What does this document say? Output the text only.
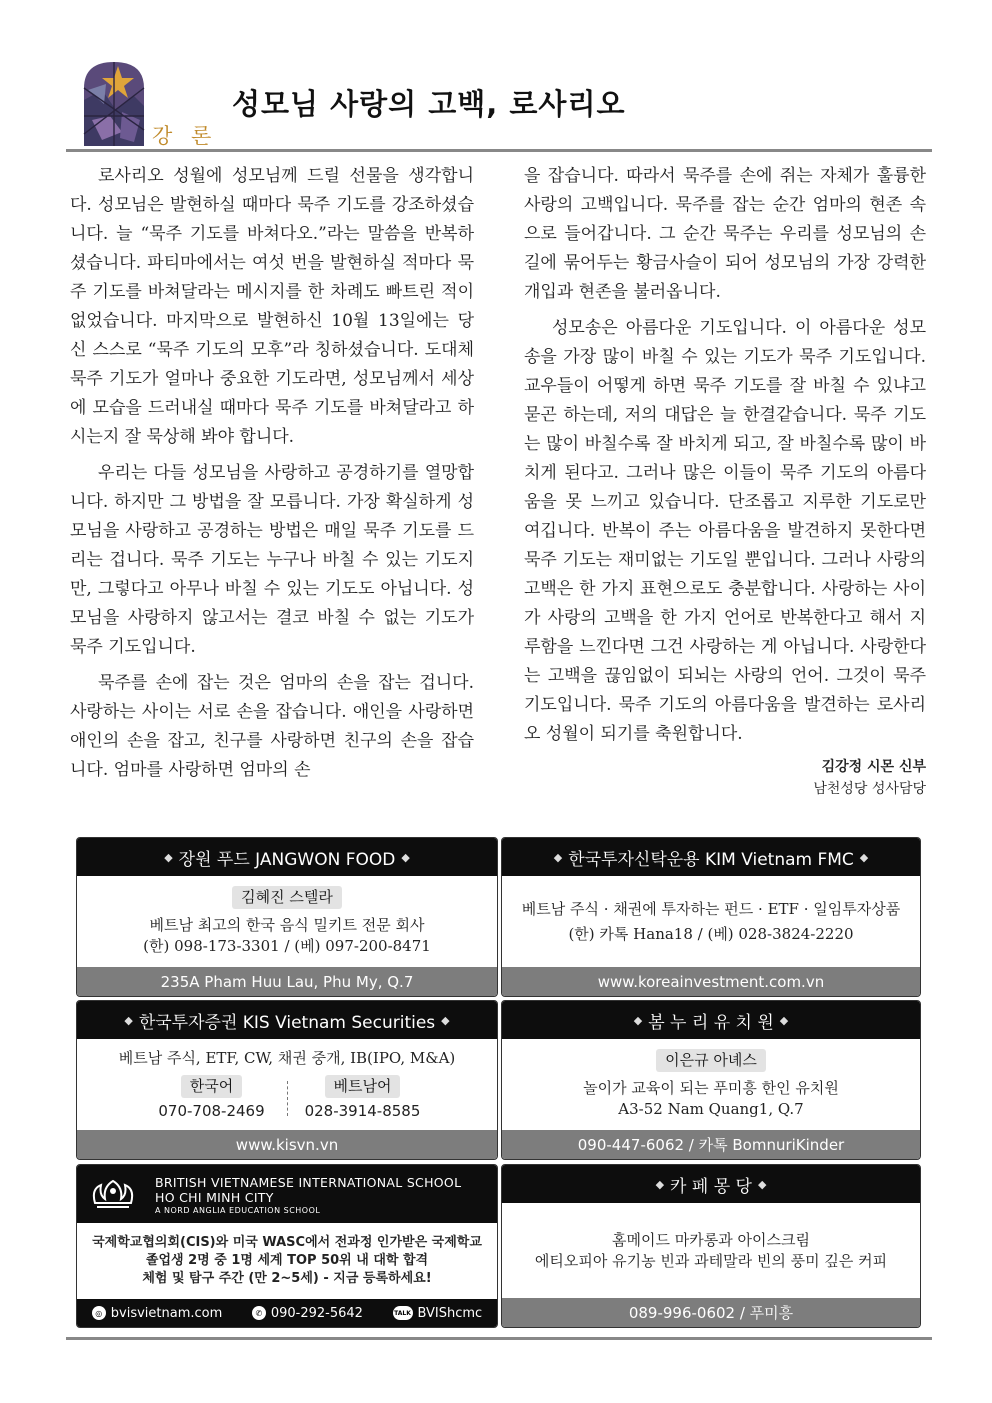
강 론
성모님 사랑의 고백, 로사리오

로사리오 성월에 성모님께 드릴 선물을 생각합니다. 성모님은 발현하실 때마다 묵주 기도를 강조하셨습니다. 늘 “묵주 기도를 바쳐다오.”라는 말씀을 반복하셨습니다. 파티마에서는 여섯 번을 발현하실 적마다 묵주 기도를 바쳐달라는 메시지를 한 차례도 빠트린 적이 없었습니다. 마지막으로 발현하신 10월 13일에는 당신 스스로 “묵주 기도의 모후”라 칭하셨습니다. 도대체 묵주 기도가 얼마나 중요한 기도라면, 성모님께서 세상에 모습을 드러내실 때마다 묵주 기도를 바쳐달라고 하시는지 잘 묵상해 봐야 합니다.

우리는 다들 성모님을 사랑하고 공경하기를 열망합니다. 하지만 그 방법을 잘 모릅니다. 가장 확실하게 성모님을 사랑하고 공경하는 방법은 매일 묵주 기도를 드리는 겁니다. 묵주 기도는 누구나 바칠 수 있는 기도지만, 그렇다고 아무나 바칠 수 있는 기도도 아닙니다. 성모님을 사랑하지 않고서는 결코 바칠 수 없는 기도가 묵주 기도입니다.

묵주를 손에 잡는 것은 엄마의 손을 잡는 겁니다. 사랑하는 사이는 서로 손을 잡습니다. 애인을 사랑하면 애인의 손을 잡고, 친구를 사랑하면 친구의 손을 잡습니다. 엄마를 사랑하면 엄마의 손

을 잡습니다. 따라서 묵주를 손에 쥐는 자체가 훌륭한 사랑의 고백입니다. 묵주를 잡는 순간 엄마의 현존 속으로 들어갑니다. 그 순간 묵주는 우리를 성모님의 손길에 묶어두는 황금사슬이 되어 성모님의 가장 강력한 개입과 현존을 불러옵니다.

성모송은 아름다운 기도입니다. 이 아름다운 성모송을 가장 많이 바칠 수 있는 기도가 묵주 기도입니다. 교우들이 어떻게 하면 묵주 기도를 잘 바칠 수 있냐고 묻곤 하는데, 저의 대답은 늘 한결같습니다. 묵주 기도는 많이 바칠수록 잘 바치게 되고, 잘 바칠수록 많이 바치게 된다고. 그러나 많은 이들이 묵주 기도의 아름다움을 못 느끼고 있습니다. 단조롭고 지루한 기도로만 여깁니다. 반복이 주는 아름다움을 발견하지 못한다면 묵주 기도는 재미없는 기도일 뿐입니다. 그러나 사랑의 고백은 한 가지 표현으로도 충분합니다. 사랑하는 사이가 사랑의 고백을 한 가지 언어로 반복한다고 해서 지루함을 느낀다면 그건 사랑하는 게 아닙니다. 사랑한다는 고백을 끊임없이 되뇌는 사랑의 언어. 그것이 묵주 기도입니다. 묵주 기도의 아름다움을 발견하는 로사리오 성월이 되기를 축원합니다.

김강정 시몬 신부
남천성당 성사담당
◆ 장원 푸드 JANGWON FOOD ◆
김혜진 스텔라
베트남 최고의 한국 음식 밀키트 전문 회사
(한) 098-173-3301 / (베) 097-200-8471
235A Pham Huu Lau, Phu My, Q.7
◆ 한국투자신탁운용 KIM Vietnam FMC ◆
베트남 주식 · 채권에 투자하는 펀드 · ETF · 일임투자상품
(한) 카톡 Hana18 / (베) 028-3824-2220
www.koreainvestment.com.vn
◆ 한국투자증권 KIS Vietnam Securities ◆
베트남 주식, ETF, CW, 채권 중개, IB(IPO, M&A)
한국어
070-708-2469
베트남어
028-3914-8585
www.kisvn.vn
◆ 봄 누 리 유 치 원 ◆
이은규 아녜스
놀이가 교육이 되는 푸미흥 한인 유치원
A3-52 Nam Quang1, Q.7
090-447-6062 / 카톡 BomnuriKinder
BRITISH VIETNAMESE INTERNATIONAL SCHOOL
HO CHI MINH CITY
A NORD ANGLIA EDUCATION SCHOOL
국제학교협의회(CIS)와 미국 WASC에서 전과정 인가받은 국제학교
졸업생 2명 중 1명 세계 TOP 50위 내 대학 합격
체험 및 탐구 주간 (만 2~5세) - 지금 등록하세요!
◎ bvisvietnam.com	✆ 090-292-5642	TALK BVIShcmc
◆ 카 페 몽 당 ◆
홈메이드 마카롱과 아이스크림
에티오피아 유기농 빈과 과테말라 빈의 풍미 깊은 커피
089-996-0602 / 푸미흥
